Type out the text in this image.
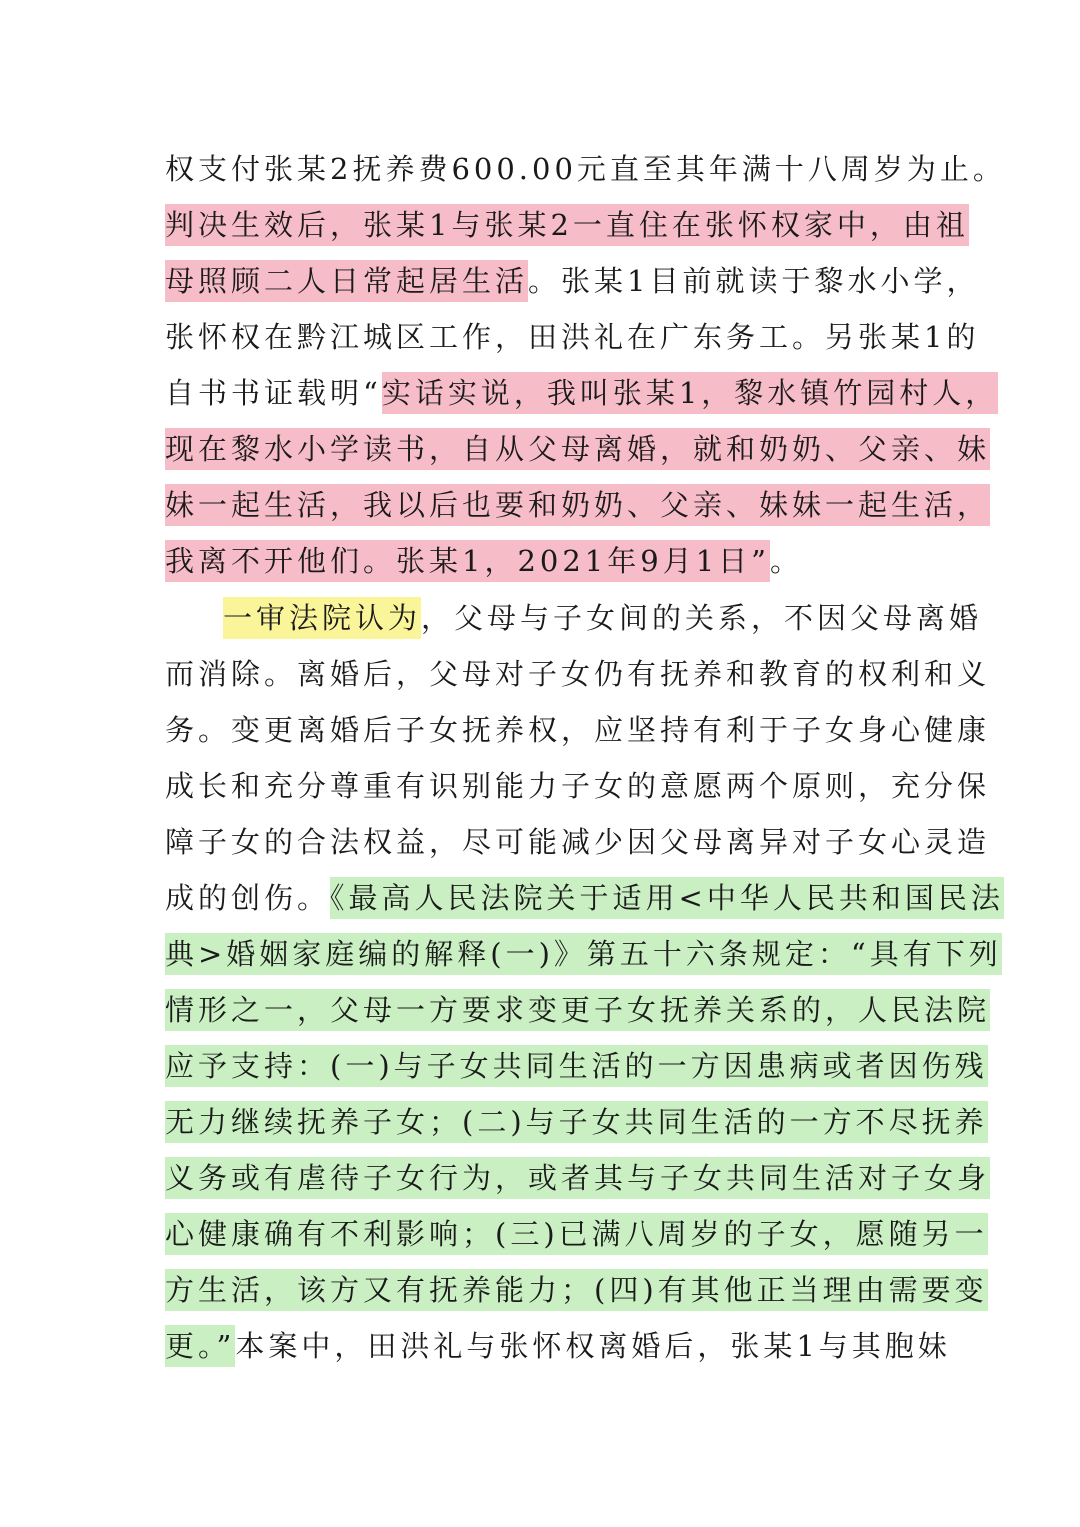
权支付张某2抚养费600.00元直至其年满十八周岁为止。
判决生效后，张某1与张某2一直住在张怀权家中，由祖
母照顾二人日常起居生活。张某1目前就读于黎水小学，
张怀权在黔江城区工作，田洪礼在广东务工。另张某1的
自书书证载明“实话实说，我叫张某1，黎水镇竹园村人，
现在黎水小学读书，自从父母离婚，就和奶奶、父亲、妹
妹一起生活，我以后也要和奶奶、父亲、妹妹一起生活，
我离不开他们。张某1，2021年9月1日”。
一审法院认为，父母与子女间的关系，不因父母离婚
而消除。离婚后，父母对子女仍有抚养和教育的权利和义
务。变更离婚后子女抚养权，应坚持有利于子女身心健康
成长和充分尊重有识别能力子女的意愿两个原则，充分保
障子女的合法权益，尽可能减少因父母离异对子女心灵造
成的创伤。《最高人民法院关于适用<中华人民共和国民法
典>婚姻家庭编的解释(一)》第五十六条规定：“具有下列
情形之一，父母一方要求变更子女抚养关系的，人民法院
应予支持：(一)与子女共同生活的一方因患病或者因伤残
无力继续抚养子女；(二)与子女共同生活的一方不尽抚养
义务或有虐待子女行为，或者其与子女共同生活对子女身
心健康确有不利影响；(三)已满八周岁的子女，愿随另一
方生活，该方又有抚养能力；(四)有其他正当理由需要变
更。”本案中，田洪礼与张怀权离婚后，张某1与其胞妹
